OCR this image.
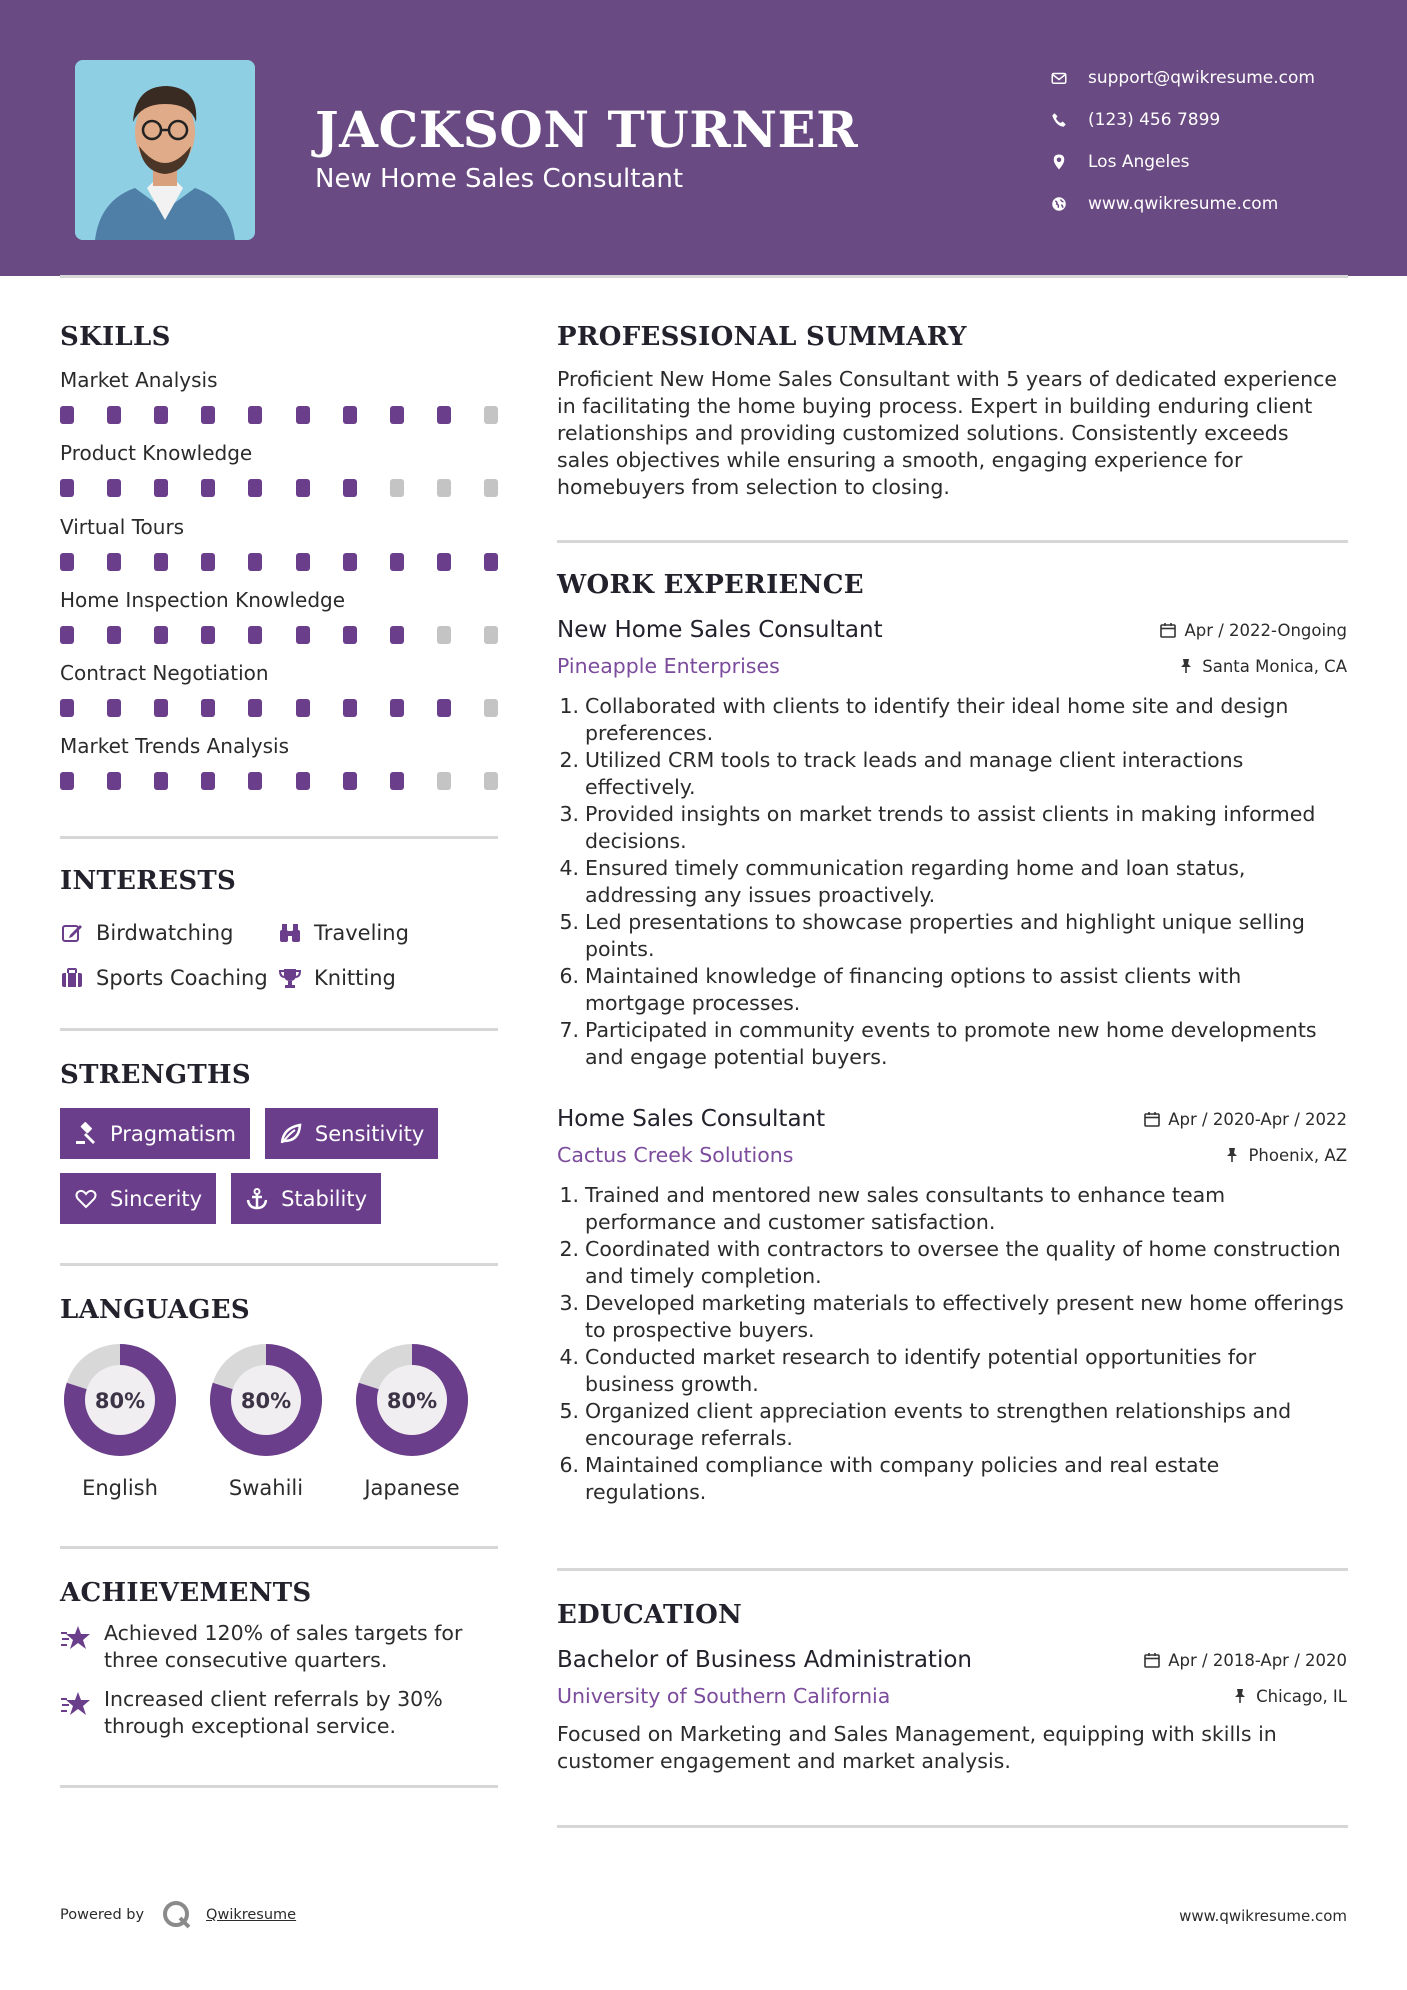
JACKSON TURNER
New Home Sales Consultant
support@qwikresume.com
(123) 456 7899
Los Angeles
www.qwikresume.com
SKILLS
Market Analysis
Product Knowledge
Virtual Tours
Home Inspection Knowledge
Contract Negotiation
Market Trends Analysis
INTERESTS
Birdwatching	Traveling
Sports Coaching Knitting
STRENGTHS
Pragmatism	Sensitivity
Sincerity	Stability
LANGUAGES
80%
English
80%
Swahili
80%
Japanese
ACHIEVEMENTS
Achieved 120% of sales targets for three consecutive quarters.
Increased client referrals by 30% through exceptional service.
PROFESSIONAL SUMMARY
Proficient New Home Sales Consultant with 5 years of dedicated experience in facilitating the home buying process. Expert in building enduring client relationships and providing customized solutions. Consistently exceeds sales objectives while ensuring a smooth, engaging experience for homebuyers from selection to closing.
WORK EXPERIENCE
New Home Sales Consultant	Apr / 2022-Ongoing
Pineapple Enterprises	Santa Monica, CA
1. Collaborated with clients to identify their ideal home site and design preferences.
2. Utilized CRM tools to track leads and manage client interactions effectively.
3. Provided insights on market trends to assist clients in making informed decisions.
4. Ensured timely communication regarding home and loan status, addressing any issues proactively.
5. Led presentations to showcase properties and highlight unique selling points.
6. Maintained knowledge of financing options to assist clients with mortgage processes.
7. Participated in community events to promote new home developments and engage potential buyers.
Home Sales Consultant	Apr / 2020-Apr / 2022
Cactus Creek Solutions	Phoenix, AZ
1. Trained and mentored new sales consultants to enhance team performance and customer satisfaction.
2. Coordinated with contractors to oversee the quality of home construction and timely completion.
3. Developed marketing materials to effectively present new home offerings to prospective buyers.
4. Conducted market research to identify potential opportunities for business growth.
5. Organized client appreciation events to strengthen relationships and encourage referrals.
6. Maintained compliance with company policies and real estate regulations.
EDUCATION
Bachelor of Business Administration	Apr / 2018-Apr / 2020
University of Southern California	Chicago, IL
Focused on Marketing and Sales Management, equipping with skills in customer engagement and market analysis.
Powered by	Qwikresume	www.qwikresume.com
